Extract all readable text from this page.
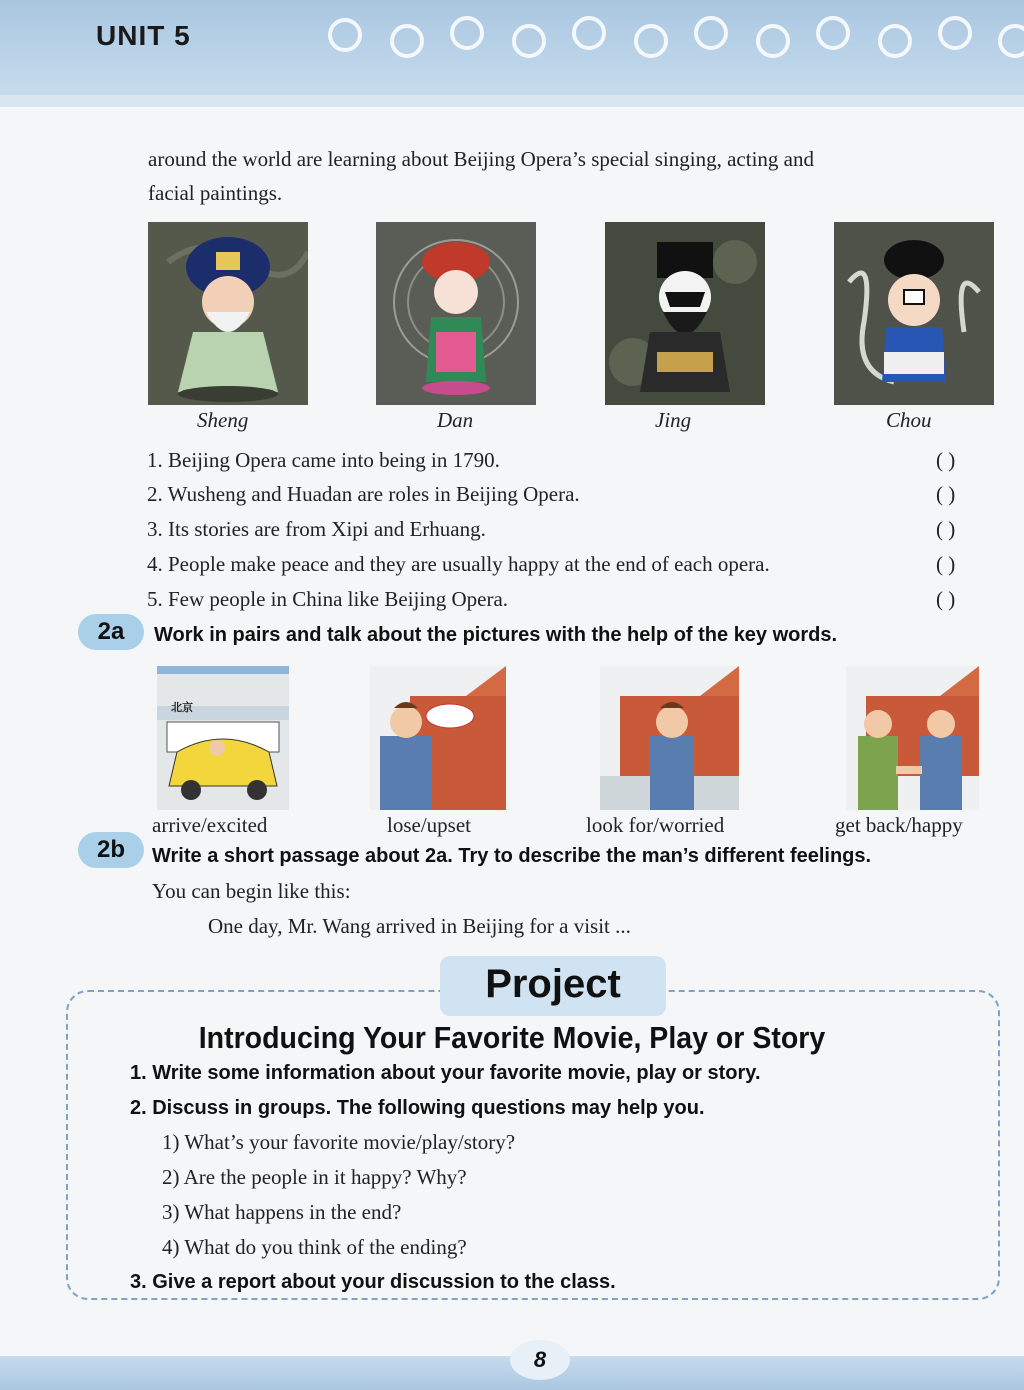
UNIT 5
around the world are learning about Beijing Opera’s special singing, acting and
facial paintings.
Sheng	Dan	Jing	Chou
1. Beijing Opera came into being in 1790.	( )
2. Wusheng and Huadan are roles in Beijing Opera.	( )
3. Its stories are from Xipi and Erhuang.	( )
4. People make peace and they are usually happy at the end of each opera.	( )
5. Few people in China like Beijing Opera.	( )
2a	Work in pairs and talk about the pictures with the help of the key words.
北京
arrive/excited	lose/upset	look for/worried	get back/happy
2b	Write a short passage about 2a. Try to describe the man’s different feelings.
You can begin like this:
One day, Mr. Wang arrived in Beijing for a visit ...
Project
Introducing Your Favorite Movie, Play or Story
1. Write some information about your favorite movie, play or story.
2. Discuss in groups. The following questions may help you.
1) What’s your favorite movie/play/story?
2) Are the people in it happy? Why?
3) What happens in the end?
4) What do you think of the ending?
3. Give a report about your discussion to the class.
8
